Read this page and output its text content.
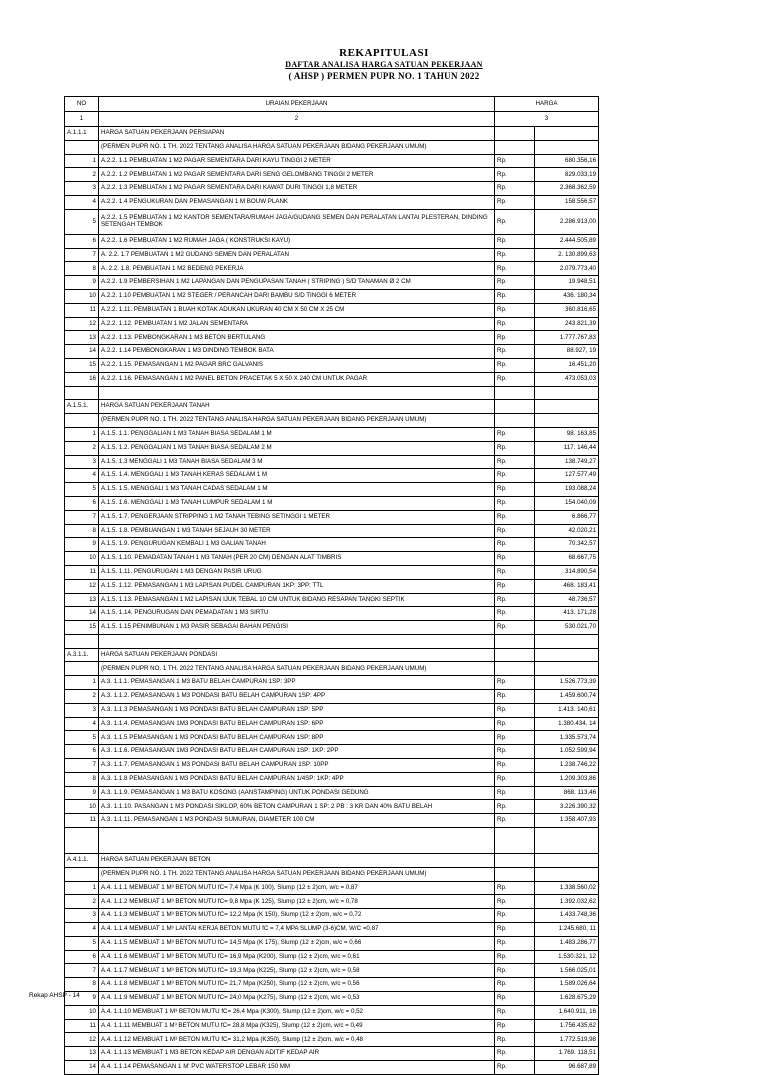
REKAPITULASI
DAFTAR ANALISA HARGA SATUAN PEKERJAAN
( AHSP ) PERMEN PUPR NO. 1 TAHUN 2022
NO	URAIAN PEKERJAAN	HARGA	
1	2	3	
A.1.1.1	HARGA SATUAN PEKERJAAN PERSIAPAN		
	(PERMEN PUPR NO. 1 TH. 2022 TENTANG ANALISA HARGA SATUAN PEKERJAAN BIDANG PEKERJAAN UMUM)		
1	A.2.2. 1.1 PEMBUATAN 1 M2 PAGAR SEMENTARA DARI KAYU TINGGI 2 METER	Rp.	680.356,16
2	A.2.2. 1.2 PEMBUATAN 1 M2 PAGAR SEMENTARA DARI SENG GELOMBANG TINGGI 2 METER	Rp.	829.033,19
3	A.2.2. 1.3 PEMBUATAN 1 M2 PAGAR SEMENTARA DARI KAWAT DURI TINGGI 1,8 METER	Rp.	2.368.362,59
4	A.2.2. 1.4 PENGUKURAN DAN PEMASANGAN 1 M BOUW PLANK	Rp.	158.556,57
5	A.2.2. 1.5 PEMBUATAN 1 M2 KANTOR SEMENTARA/RUMAH JAGA/GUDANG SEMEN DAN PERALATAN LANTAI PLESTERAN, DINDING SETENGAH TEMBOK	Rp.	2.286.913,00
6	A.2.2. 1.6 PEMBUATAN 1 M2 RUMAH JAGA ( KONSTRUKSI KAYU)	Rp.	2.444.505,89
7	A. 2.2. 1.7 PEMBUATAN 1 M2 GUDANG SEMEN DAN PERALATAN	Rp.	2. 130.899,63
8	A. 2.2. 1.8. PEMBUATAN 1 M2 BEDENG PEKERJA	Rp.	2.079.773,40
9	A.2.2. 1.9 PEMBERSIHAN 1 M2 LAPANGAN DAN PENGUPASAN TANAH ( STRIPING ) S/D TANAMAN Ø 2 CM	Rp.	19.948,51
10	A.2.2. 1.10 PEMBUATAN 1 M2 STEGER / PERANCAH DARI BAMBU S/D TINGGI 6 METER	Rp.	436. 180,34
11	A.2.2. 1.11. PEMBUATAN 1 BUAH KOTAK ADUKAN UKURAN 40 CM X 50 CM X 25 CM	Rp.	360.816,65
12	A.2.2. 1.12. PEMBUATAN 1 M2 JALAN SEMENTARA	Rp.	243.821,39
13	A.2.2. 1.13. PEMBONGKARAN 1 M3 BETON BERTULANG	Rp.	1.777.767,83
14	A.2.2. 1.14 PEMBONGKARAN 1 M3 DINDING TEMBOK BATA	Rp.	88.927, 19
15	A.2.2. 1.15. PEMASANGAN 1 M2 PAGAR BRC GALVANIS	Rp.	16.451,20
16	A.2.2. 1.16. PEMASANGAN 1 M2 PANEL BETON PRACETAK 5 X 50 X 240 CM UNTUK PAGAR	Rp.	473.053,03

A.1.5.1.	HARGA SATUAN PEKERJAAN TANAH		
	(PERMEN PUPR NO. 1 TH. 2022 TENTANG ANALISA HARGA SATUAN PEKERJAAN BIDANG PEKERJAAN UMUM)		
1	A.1.5. 1.1. PENGGALIAN 1 M3 TANAH BIASA SEDALAM 1 M	Rp.	98. 163,85
2	A.1.5. 1.2. PENGGALIAN 1 M3 TANAH BIASA SEDALAM 2 M	Rp.	117. 146,44
3	A.1.5. 1.3 MENGGALI 1 M3 TANAH BIASA SEDALAM 3 M	Rp.	138.749,27
4	A.1.5. 1.4. MENGGALI 1 M3 TANAH KERAS SEDALAM 1 M	Rp.	127.577,49
5	A.1.5. 1.5. MENGGALI 1 M3 TANAH CADAS SEDALAM 1 M	Rp.	193.088,24
6	A.1.5. 1.6. MENGGALI 1 M3 TANAH LUMPUR SEDALAM 1 M	Rp.	154.040,09
7	A.1.5. 1.7. PENGERJAAN STRIPPING 1 M2 TANAH TEBING SETINGGI 1 METER	Rp.	6.866,77
8	A.1.5. 1.8. PEMBUANGAN 1 M3 TANAH SEJAUH 30 METER	Rp.	42.020,21
9	A.1.5. 1.9. PENGURUGAN KEMBALI 1 M3 GALIAN TANAH	Rp.	70.342,57
10	A.1.5. 1.10. PEMADATAN TANAH 1 M3 TANAH (PER 20 CM) DENGAN ALAT TIMBRIS	Rp.	68.667,75
11	A.1.5. 1.11. PENGURUGAN 1 M3 DENGAN PASIR URUG	Rp.	314.890,54
12	A.1.5. 1.12. PEMASANGAN 1 M3 LAPISAN PUDEL CAMPURAN 1KP: 3PP: TTL	Rp.	468. 183,41
13	A.1.5. 1.13. PEMASANGAN 1 M2 LAPISAN IJUK TEBAL 10 CM UNTUK BIDANG RESAPAN TANGKI SEPTIK	Rp.	48.736,57
14	A.1.5. 1.14. PENGURUGAN DAN PEMADATAN 1 M3 SIRTU	Rp.	413. 171,28
15	A.1.5. 1.15 PENIMBUNAN 1 M3 PASIR SEBAGAI BAHAN PENGISI	Rp.	530.021,70

A.3.1.1.	HARGA SATUAN PEKERJAAN PONDASI		
	(PERMEN PUPR NO. 1 TH. 2022 TENTANG ANALISA HARGA SATUAN PEKERJAAN BIDANG PEKERJAAN UMUM)		
1	A.3. 1.1.1. PEMASANGAN 1 M3 BATU BELAH CAMPURAN 1SP: 3PP	Rp.	1.526.773,39
2	A.3. 1.1.2. PEMASANGAN 1 M3 PONDASI BATU BELAH CAMPURAN 1SP: 4PP	Rp.	1.459.600,74
3	A.3. 1.1.3 PEMASANGAN 1 M3 PONDASI BATU BELAH CAMPURAN 1SP: 5PP	Rp.	1.413. 140,61
4	A.3. 1.1.4. PEMASANGAN 1M3 PONDASI BATU BELAH CAMPURAN 1SP: 6PP	Rp.	1.380.434, 14
5	A.3. 1.1.5 PEMASANGAN 1 M3 PONDASI BATU BELAH CAMPURAN 1SP: 8PP	Rp.	1.335.573,74
6	A.3. 1.1.6. PEMASANGAN 1M3 PONDASI BATU BELAH CAMPURAN 1SP: 1KP: 2PP	Rp.	1.052.599,94
7	A.3. 1.1.7. PEMASANGAN 1 M3 PONDASI BATU BELAH CAMPURAN 1SP: 10PP	Rp.	1.238.746,22
8	A.3. 1.1.8 PEMASANGAN 1 M3 PONDASI BATU BELAH CAMPURAN 1/4SP: 1KP: 4PP	Rp.	1.209.303,86
9	A.3. 1.1.9. PEMASANGAN 1 M3 BATU KOSONG (AANSTAMPING) UNTUK PONDASI GEDUNG	Rp.	868. 113,46
10	A.3. 1.1.10. PASANGAN 1 M3 PONDASI SIKLOP, 60% BETON CAMPURAN 1 SP: 2 PB : 3 KR DAN 40% BATU BELAH	Rp.	3.226.390,32
11	A.3. 1.1.11. PEMASANGAN 1 M3 PONDASI SUMURAN, DIAMETER 100 CM	Rp.	1.358.407,93

A.4.1.1.	HARGA SATUAN PEKERJAAN BETON		
	(PERMEN PUPR NO. 1 TH. 2022 TENTANG ANALISA HARGA SATUAN PEKERJAAN BIDANG PEKERJAAN UMUM)		
1	A.4. 1.1.1 MEMBUAT 1 M³ BETON MUTU fC= 7,4 Mpa (K 100), Slump (12 ± 2)cm, w/c = 0,87	Rp.	1.338.560,02
2	A.4. 1.1.2 MEMBUAT 1 M³ BETON MUTU fC= 9,8 Mpa (K 125), Slump (12 ± 2)cm, w/c = 0,78	Rp.	1.392.032,62
3	A.4. 1.1.3 MEMBUAT 1 M³ BETON MUTU fC= 12,2 Mpa (K 150), Slump (12 ± 2)cm, w/c = 0,72	Rp.	1.433.748,36
4	A.4. 1.1.4 MEMBUAT 1 M³ LANTAI KERJA BETON MUTU fC = 7,4 MPA SLUMP (3-6)CM, W/C =0.87	Rp.	1.245.680, 11
5	A.4. 1.1.5 MEMBUAT 1 M³ BETON MUTU fC= 14,5 Mpa (K 175), Slump (12 ± 2)cm, w/c = 0,66	Rp.	1.483.286,77
6	A.4. 1.1.6 MEMBUAT 1 M³ BETON MUTU fC= 16,9 Mpa (K200), Slump (12 ± 2)cm, w/c = 0,61	Rp.	1.530.321, 12
7	A.4. 1.1.7 MEMBUAT 1 M³ BETON MUTU fC= 19,3 Mpa (K225), Slump (12 ± 2)cm, w/c = 0,58	Rp.	1.566.025,01
8	A.4. 1.1.8 MEMBUAT 1 M³ BETON MUTU fC= 21,7 Mpa (K250), Slump (12 ± 2)cm, w/c = 0,56	Rp.	1.589.026,64
9	A.4. 1.1.9 MEMBUAT 1 M³ BETON MUTU fC= 24,0 Mpa (K275), Slump (12 ± 2)cm, w/c = 0,53	Rp.	1.628.675,29
10	A.4. 1.1.10 MEMBUAT 1 M³ BETON MUTU fC= 26,4 Mpa (K300), Slump (12 ± 2)cm, w/c = 0,52	Rp.	1.640.911, 16
11	A.4. 1.1.11 MEMBUAT 1 M³ BETON MUTU fC= 28,8 Mpa (K325), Slump (12 ± 2)cm, w/c = 0,49	Rp.	1.756.435,62
12	A.4. 1.1.12 MEMBUAT 1 M³ BETON MUTU fC= 31,2 Mpa (K350), Slump (12 ± 2)cm, w/c = 0,48	Rp.	1.772.519,98
13	A.4. 1.1.13 MEMBUAT 1 M3 BETON KEDAP AIR DENGAN ADITIF KEDAP AIR	Rp.	1.769. 118,51
14	A.4. 1.1.14 PEMASANGAN 1 M' PVC WATERSTOP LEBAR 150 MM	Rp.	96.687,89
Rekap AHSP - 14
